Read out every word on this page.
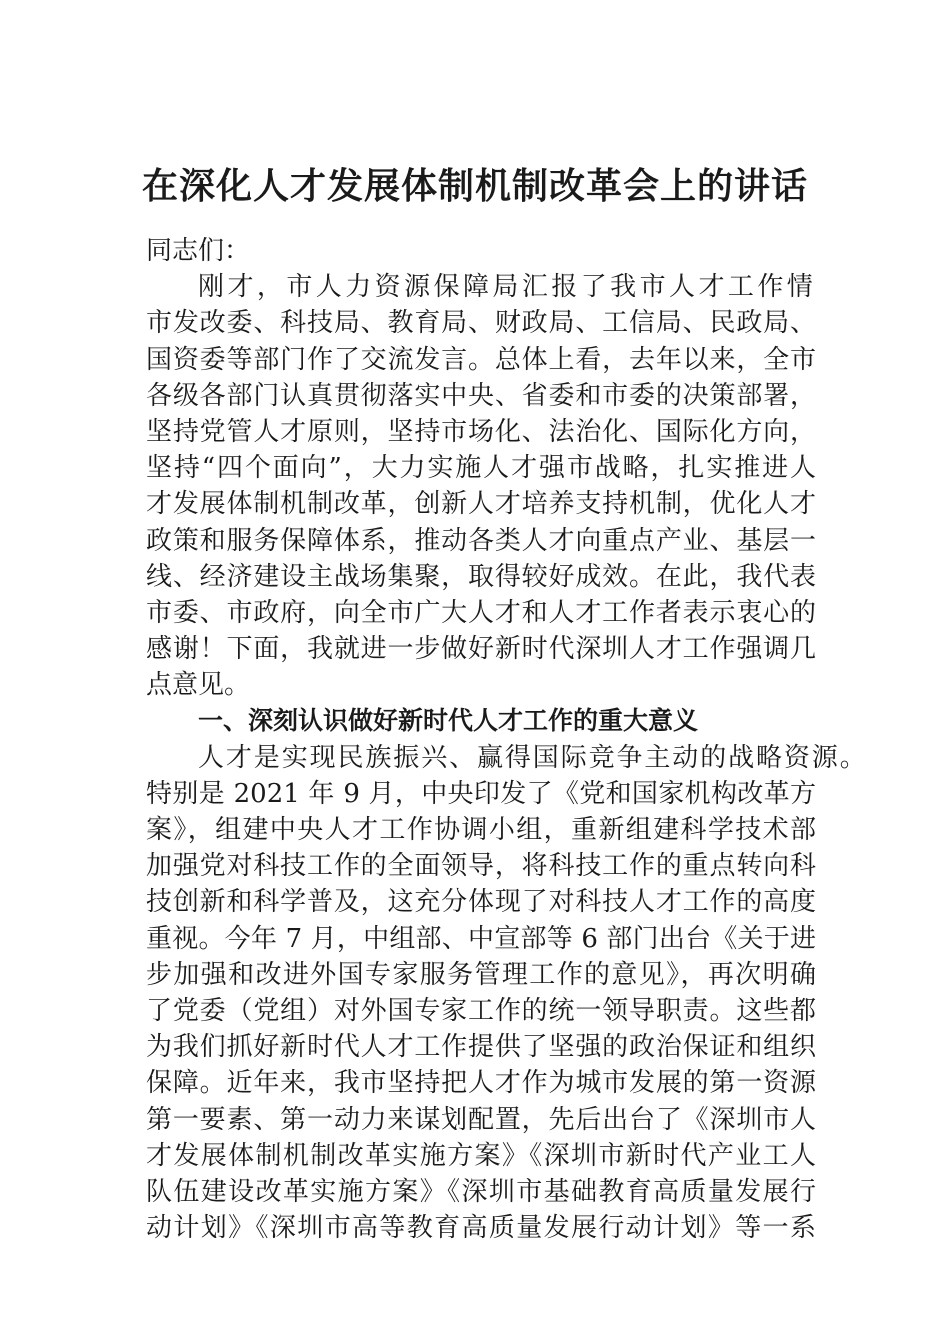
在深化人才发展体制机制改革会上的讲话
同志们：
刚才，市人力资源保障局汇报了我市人才工作情
市发改委、科技局、教育局、财政局、工信局、民政局、
国资委等部门作了交流发言。总体上看，去年以来，全市
各级各部门认真贯彻落实中央、省委和市委的决策部署，
坚持党管人才原则，坚持市场化、法治化、国际化方向，
坚持“四个面向”，大力实施人才强市战略，扎实推进人
才发展体制机制改革，创新人才培养支持机制，优化人才
政策和服务保障体系，推动各类人才向重点产业、基层一
线、经济建设主战场集聚，取得较好成效。在此，我代表
市委、市政府，向全市广大人才和人才工作者表示衷心的
感谢！下面，我就进一步做好新时代深圳人才工作强调几
点意见。
一、深刻认识做好新时代人才工作的重大意义
人才是实现民族振兴、赢得国际竞争主动的战略资源。
特别是 2021 年 9 月，中央印发了《党和国家机构改革方
案》，组建中央人才工作协调小组，重新组建科学技术部
加强党对科技工作的全面领导，将科技工作的重点转向科
技创新和科学普及，这充分体现了对科技人才工作的高度
重视。今年 7 月，中组部、中宣部等 6 部门出台《关于进
步加强和改进外国专家服务管理工作的意见》，再次明确
了党委（党组）对外国专家工作的统一领导职责。这些都
为我们抓好新时代人才工作提供了坚强的政治保证和组织
保障。近年来，我市坚持把人才作为城市发展的第一资源
第一要素、第一动力来谋划配置，先后出台了《深圳市人
才发展体制机制改革实施方案》《深圳市新时代产业工人
队伍建设改革实施方案》《深圳市基础教育高质量发展行
动计划》《深圳市高等教育高质量发展行动计划》等一系
